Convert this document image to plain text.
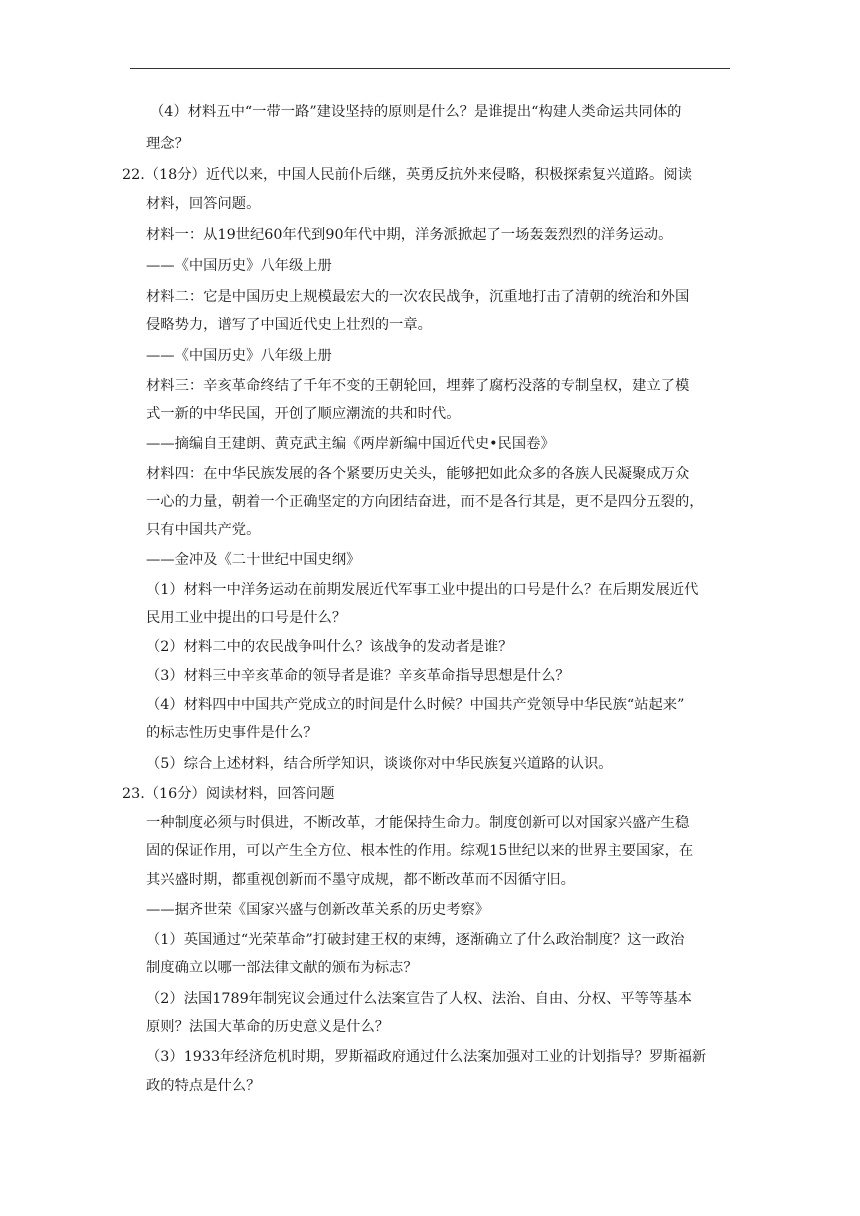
（4）材料五中“一带一路”建设坚持的原则是什么？是谁提出“构建人类命运共同体的
理念？
22.（18分）近代以来，中国人民前仆后继，英勇反抗外来侵略，积极探索复兴道路。阅读
材料，回答问题。
材料一：从19世纪60年代到90年代中期，洋务派掀起了一场轰轰烈烈的洋务运动。
——《中国历史》八年级上册
材料二：它是中国历史上规模最宏大的一次农民战争，沉重地打击了清朝的统治和外国
侵略势力，谱写了中国近代史上壮烈的一章。
——《中国历史》八年级上册
材料三：辛亥革命终结了千年不变的王朝轮回，埋葬了腐朽没落的专制皇权，建立了模
式一新的中华民国，开创了顺应潮流的共和时代。
——摘编自王建朗、黄克武主编《两岸新编中国近代史•民国卷》
材料四：在中华民族发展的各个紧要历史关头，能够把如此众多的各族人民凝聚成万众
一心的力量，朝着一个正确坚定的方向团结奋进，而不是各行其是，更不是四分五裂的，
只有中国共产党。
——金冲及《二十世纪中国史纲》
（1）材料一中洋务运动在前期发展近代军事工业中提出的口号是什么？在后期发展近代
民用工业中提出的口号是什么？
（2）材料二中的农民战争叫什么？该战争的发动者是谁？
（3）材料三中辛亥革命的领导者是谁？辛亥革命指导思想是什么？
（4）材料四中中国共产党成立的时间是什么时候？中国共产党领导中华民族“站起来”
的标志性历史事件是什么？
（5）综合上述材料，结合所学知识，谈谈你对中华民族复兴道路的认识。
23.（16分）阅读材料，回答问题
一种制度必须与时俱进，不断改革，才能保持生命力。制度创新可以对国家兴盛产生稳
固的保证作用，可以产生全方位、根本性的作用。综观15世纪以来的世界主要国家，在
其兴盛时期，都重视创新而不墨守成规，都不断改革而不因循守旧。
——据齐世荣《国家兴盛与创新改革关系的历史考察》
（1）英国通过“光荣革命”打破封建王权的束缚，逐渐确立了什么政治制度？这一政治
制度确立以哪一部法律文献的颁布为标志？
（2）法国1789年制宪议会通过什么法案宣告了人权、法治、自由、分权、平等等基本
原则？法国大革命的历史意义是什么？
（3）1933年经济危机时期，罗斯福政府通过什么法案加强对工业的计划指导？罗斯福新
政的特点是什么？
